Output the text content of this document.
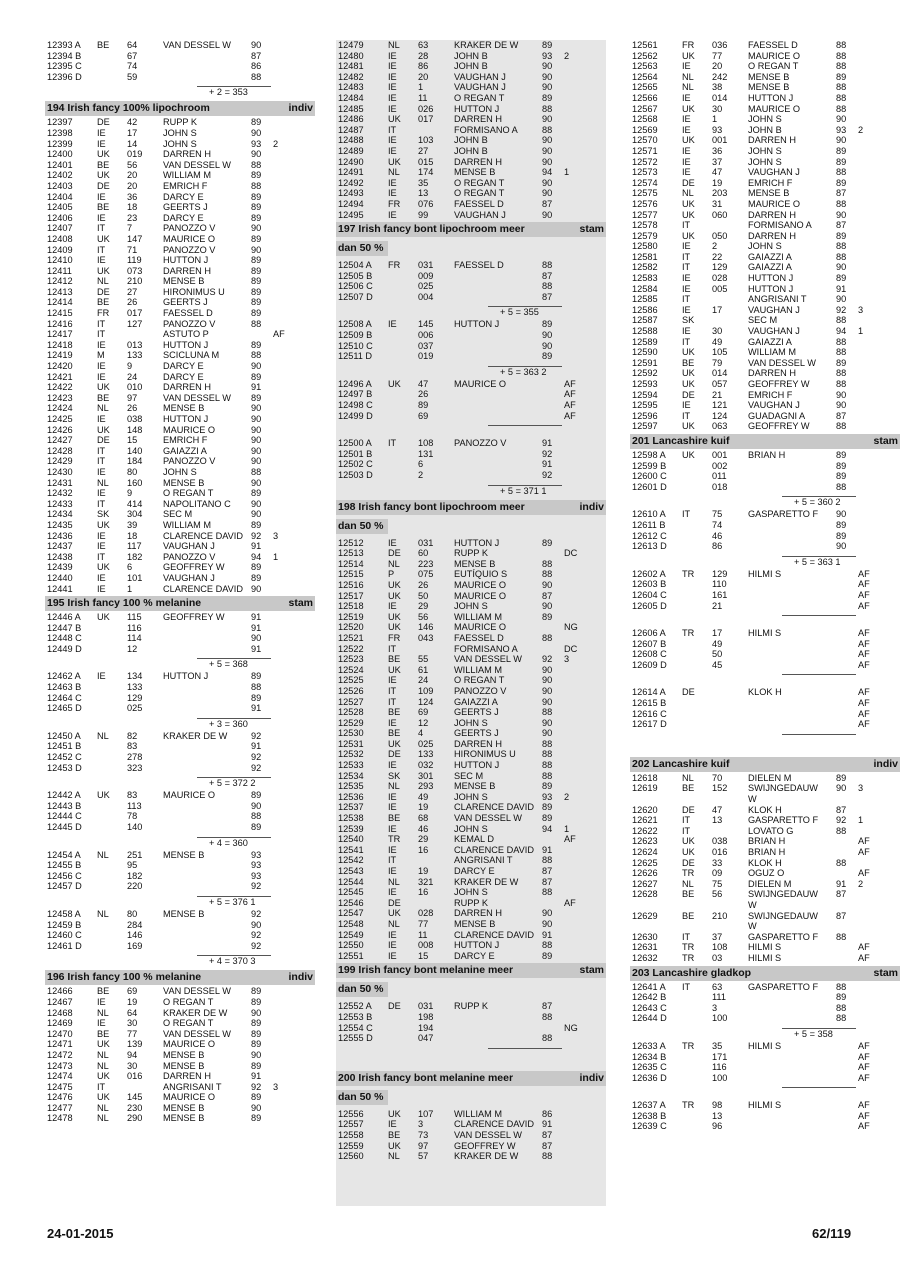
12393 A	BE	64	VAN DESSEL W	90
12394 B	67	87
12395 C	74	86
12396 D	59	88
+ 2 = 353
194 Irish fancy 100% lipochroom	indiv
12397	DE	42	RUPP K	89
12398	IE	17	JOHN S	90
12399	IE	14	JOHN S	93	2
12400	UK	019	DARREN H	90
12401	BE	56	VAN DESSEL W	88
12402	UK	20	WILLIAM M	89
12403	DE	20	EMRICH F	88
12404	IE	36	DARCY E	89
12405	BE	18	GEERTS J	89
12406	IE	23	DARCY E	89
12407	IT	7	PANOZZO V	90
12408	UK	147	MAURICE O	89
12409	IT	71	PANOZZO V	90
12410	IE	119	HUTTON J	89
12411	UK	073	DARREN H	89
12412	NL	210	MENSE B	89
12413	DE	27	HIRONIMUS U	89
12414	BE	26	GEERTS J	89
12415	FR	017	FAESSEL D	89
12416	IT	127	PANOZZO V	88
12417	IT	ASTUTO P	AF
12418	IE	013	HUTTON J	89
12419	M	133	SCICLUNA M	88
12420	IE	9	DARCY E	90
12421	IE	24	DARCY E	89
12422	UK	010	DARREN H	91
12423	BE	97	VAN DESSEL W	89
12424	NL	26	MENSE B	90
12425	IE	038	HUTTON J	90
12426	UK	148	MAURICE O	90
12427	DE	15	EMRICH F	90
12428	IT	140	GAIAZZI A	90
12429	IT	184	PANOZZO V	90
12430	IE	80	JOHN S	88
12431	NL	160	MENSE B	90
12432	IE	9	O REGAN T	89
12433	IT	414	NAPOLITANO C	90
12434	SK	304	SEC M	90
12435	UK	39	WILLIAM M	89
12436	IE	18	CLARENCE DAVID 92	3
12437	IE	117	VAUGHAN J	91
12438	IT	182	PANOZZO V	94	1
12439	UK	6	GEOFFREY W	89
12440	IE	101	VAUGHAN J	89
12441	IE	1	CLARENCE DAVID 90
195 Irish fancy 100 % melanine	stam
12446 A	UK	115	GEOFFREY W	91
12447 B	116	91
12448 C	114	90
12449 D	12	91
+ 5 = 368
12462 A	IE	134	HUTTON J	89
12463 B	133	88
12464 C	129	89
12465 D	025	91
+ 3 = 360
12450 A	NL	82	KRAKER DE W	92
12451 B	83	91
12452 C	278	92
12453 D	323	92
+ 5 = 372 2
12442 A	UK	83	MAURICE O	89
12443 B	113	90
12444 C	78	88
12445 D	140	89
+ 4 = 360
12454 A	NL	251	MENSE B	93
12455 B	95	93
12456 C	182	93
12457 D	220	92
+ 5 = 376 1
12458 A	NL	80	MENSE B	92
12459 B	284	90
12460 C	146	92
12461 D	169	92
+ 4 = 370 3
196 Irish fancy 100 % melanine	indiv
12466	BE	69	VAN DESSEL W	89
12467	IE	19	O REGAN T	89
12468	NL	64	KRAKER DE W	90
12469	IE	30	O REGAN T	89
12470	BE	77	VAN DESSEL W	89
12471	UK	139	MAURICE O	89
12472	NL	94	MENSE B	90
12473	NL	30	MENSE B	89
12474	UK	016	DARREN H	91
12475	IT	ANGRISANI T	92	3
12476	UK	145	MAURICE O	89
12477	NL	230	MENSE B	90
12478	NL	290	MENSE B	89
12479	NL	63	KRAKER DE W	89
12480	IE	28	JOHN B	93	2
12481	IE	86	JOHN B	90
12482	IE	20	VAUGHAN J	90
12483	IE	1	VAUGHAN J	90
12484	IE	11	O REGAN T	89
12485	IE	026	HUTTON J	88
12486	UK	017	DARREN H	90
12487	IT	FORMISANO A	88
12488	IE	103	JOHN B	90
12489	IE	27	JOHN B	90
12490	UK	015	DARREN H	90
12491	NL	174	MENSE B	94	1
12492	IE	35	O REGAN T	90
12493	IE	13	O REGAN T	90
12494	FR	076	FAESSEL D	87
12495	IE	99	VAUGHAN J	90
197 Irish fancy bont lipochroom meer	stam
dan 50 %
12504 A	FR	031	FAESSEL D	88
12505 B	009	87
12506 C	025	88
12507 D	004	87
+ 5 = 355
12508 A	IE	145	HUTTON J	89
12509 B	006	90
12510 C	037	90
12511 D	019	89
+ 5 = 363 2
12496 A	UK	47	MAURICE O	AF
12497 B	26	AF
12498 C	89	AF
12499 D	69	AF
12500 A	IT	108	PANOZZO V	91
12501 B	131	92
12502 C	6	91
12503 D	2	92
+ 5 = 371 1
198 Irish fancy bont lipochroom meer	indiv
dan 50 %
12512	IE	031	HUTTON J	89
12513	DE	60	RUPP K	DC
12514	NL	223	MENSE B	88
12515	P	075	EUTÍQUIO S	88
12516	UK	26	MAURICE O	90
12517	UK	50	MAURICE O	87
12518	IE	29	JOHN S	90
12519	UK	56	WILLIAM M	89
12520	UK	146	MAURICE O	NG
12521	FR	043	FAESSEL D	88
12522	IT	FORMISANO A	DC
12523	BE	55	VAN DESSEL W	92	3
12524	UK	61	WILLIAM M	90
12525	IE	24	O REGAN T	90
12526	IT	109	PANOZZO V	90
12527	IT	124	GAIAZZI A	90
12528	BE	69	GEERTS J	88
12529	IE	12	JOHN S	90
12530	BE	4	GEERTS J	90
12531	UK	025	DARREN H	88
12532	DE	133	HIRONIMUS U	88
12533	IE	032	HUTTON J	88
12534	SK	301	SEC M	88
12535	NL	293	MENSE B	89
12536	IE	49	JOHN S	93	2
12537	IE	19	CLARENCE DAVID 89
12538	BE	68	VAN DESSEL W	89
12539	IE	46	JOHN S	94	1
12540	TR	29	KEMAL D	AF
12541	IE	16	CLARENCE DAVID 91
12542	IT	ANGRISANI T	88
12543	IE	19	DARCY E	87
12544	NL	321	KRAKER DE W	87
12545	IE	16	JOHN S	88
12546	DE	RUPP K	AF
12547	UK	028	DARREN H	90
12548	NL	77	MENSE B	90
12549	IE	11	CLARENCE DAVID 91
12550	IE	008	HUTTON J	88
12551	IE	15	DARCY E	89
199 Irish fancy bont melanine meer	stam
dan 50 %
12552 A	DE	031	RUPP K	87
12553 B	198	88
12554 C	194	NG
12555 D	047	88
200 Irish fancy bont melanine meer	indiv
dan 50 %
12556	UK	107	WILLIAM M	86
12557	IE	3	CLARENCE DAVID 91
12558	BE	73	VAN DESSEL W	87
12559	UK	97	GEOFFREY W	87
12560	NL	57	KRAKER DE W	88
12561	FR	036	FAESSEL D	88
12562	UK	77	MAURICE O	88
12563	IE	20	O REGAN T	88
12564	NL	242	MENSE B	89
12565	NL	38	MENSE B	88
12566	IE	014	HUTTON J	88
12567	UK	30	MAURICE O	88
12568	IE	1	JOHN S	90
12569	IE	93	JOHN B	93	2
12570	UK	001	DARREN H	90
12571	IE	36	JOHN S	89
12572	IE	37	JOHN S	89
12573	IE	47	VAUGHAN J	88
12574	DE	19	EMRICH F	89
12575	NL	203	MENSE B	87
12576	UK	31	MAURICE O	88
12577	UK	060	DARREN H	90
12578	IT	FORMISANO A	87
12579	UK	050	DARREN H	89
12580	IE	2	JOHN S	88
12581	IT	22	GAIAZZI A	88
12582	IT	129	GAIAZZI A	90
12583	IE	028	HUTTON J	89
12584	IE	005	HUTTON J	91
12585	IT	ANGRISANI T	90
12586	IE	17	VAUGHAN J	92	3
12587	SK	SEC M	88
12588	IE	30	VAUGHAN J	94	1
12589	IT	49	GAIAZZI A	88
12590	UK	105	WILLIAM M	88
12591	BE	79	VAN DESSEL W	89
12592	UK	014	DARREN H	88
12593	UK	057	GEOFFREY W	88
12594	DE	21	EMRICH F	90
12595	IE	121	VAUGHAN J	90
12596	IT	124	GUADAGNI A	87
12597	UK	063	GEOFFREY W	88
201 Lancashire kuif	stam
12598 A	UK	001	BRIAN H	89
12599 B	002	89
12600 C	011	89
12601 D	018	88
+ 5 = 360 2
12610 A	IT	75	GASPARETTO F	90
12611 B	74	89
12612 C	46	89
12613 D	86	90
+ 5 = 363 1
12602 A	TR	129	HILMI S	AF
12603 B	110	AF
12604 C	161	AF
12605 D	21	AF
12606 A	TR	17	HILMI S	AF
12607 B	49	AF
12608 C	50	AF
12609 D	45	AF
12614 A	DE	KLOK H	AF
12615 B	AF
12616 C	AF
12617 D	AF
202 Lancashire kuif	indiv
12618	NL	70	DIELEN M	89
12619	BE	152	SWIJNGEDAUW	90	3
W
12620	DE	47	KLOK H	87
12621	IT	13	GASPARETTO F	92	1
12622	IT	LOVATO G	88
12623	UK	038	BRIAN H	AF
12624	UK	016	BRIAN H	AF
12625	DE	33	KLOK H	88
12626	TR	09	OGUZ O	AF
12627	NL	75	DIELEN M	91	2
12628	BE	56	SWIJNGEDAUW	87
W
12629	BE	210	SWIJNGEDAUW	87
W
12630	IT	37	GASPARETTO F	88
12631	TR	108	HILMI S	AF
12632	TR	03	HILMI S	AF
203 Lancashire gladkop	stam
12641 A	IT	63	GASPARETTO F	88
12642 B	111	89
12643 C	3	88
12644 D	100	88
+ 5 = 358
12633 A	TR	35	HILMI S	AF
12634 B	171	AF
12635 C	116	AF
12636 D	100	AF
12637 A	TR	98	HILMI S	AF
12638 B	13	AF
12639 C	96	AF
24-01-2015	62/119
